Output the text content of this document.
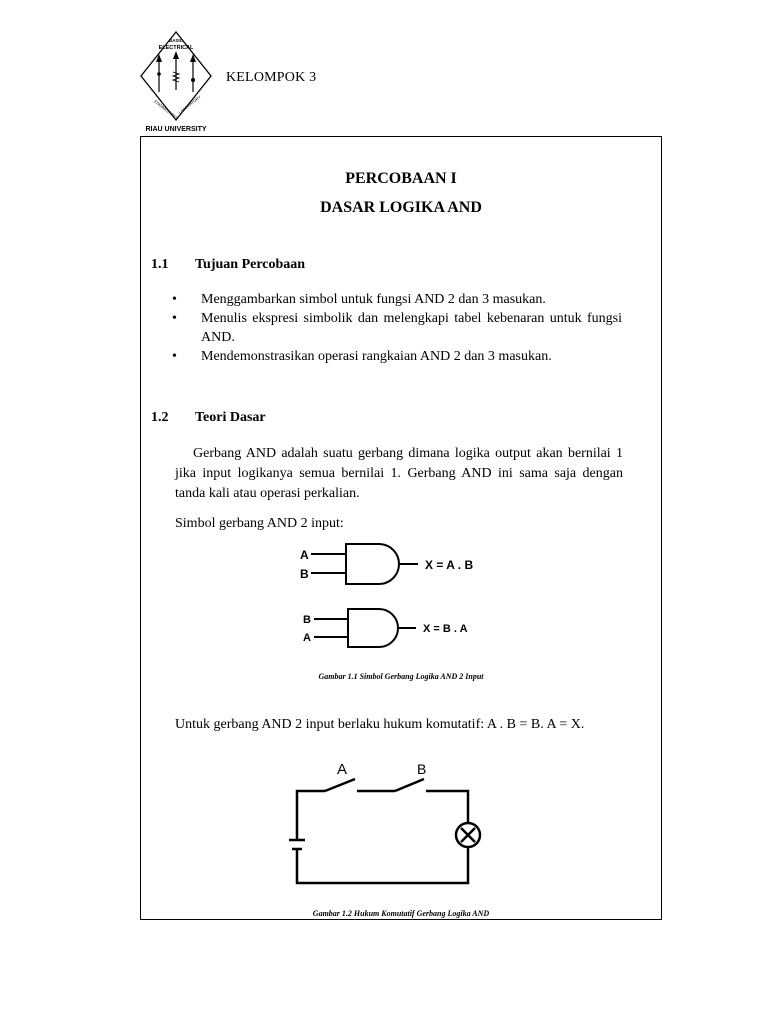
BASIC
ELECTRICAL
ENGINEERING
LABORATORY
RIAU UNIVERSITY
KELOMPOK 3
PERCOBAAN I
DASAR LOGIKA AND
1.1 Tujuan Percobaan
• Menggambarkan simbol untuk fungsi AND 2 dan 3 masukan.
• Menulis ekspresi simbolik dan melengkapi tabel kebenaran untuk fungsi AND.
• Mendemonstrasikan operasi rangkaian AND 2 dan 3 masukan.
1.2 Teori Dasar
Gerbang AND adalah suatu gerbang dimana logika output akan bernilai 1 jika input logikanya semua bernilai 1. Gerbang AND ini sama saja dengan tanda kali atau operasi perkalian.
Simbol gerbang AND 2 input:
A
B
X = A . B
B
A
X = B . A
Gambar 1.1 Simbol Gerbang Logika AND 2 Input
Untuk gerbang AND 2 input berlaku hukum komutatif: A . B = B. A = X.
A	B
Gambar 1.2 Hukum Komutatif Gerbang Logika AND
